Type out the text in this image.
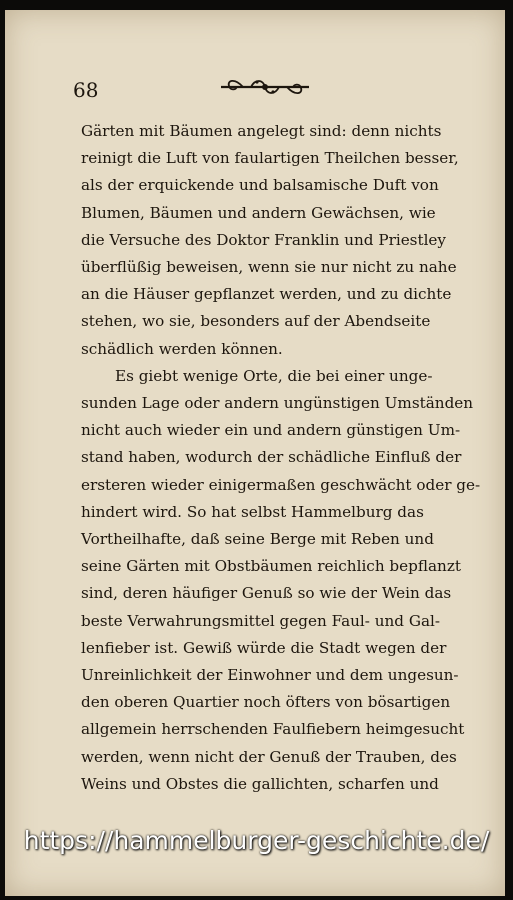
68
Gärten mit Bäumen angelegt sind: denn nichts
reinigt die Luft von faulartigen Theilchen besser,
als der erquickende und balsamische Duft von
Blumen, Bäumen und andern Gewächsen, wie
die Versuche des Doktor Franklin und Priestley
überflüßig beweisen, wenn sie nur nicht zu nahe
an die Häuser gepflanzet werden, und zu dichte
stehen, wo sie, besonders auf der Abendseite
schädlich werden können.
Es giebt wenige Orte, die bei einer unge-
sunden Lage oder andern ungünstigen Umständen
nicht auch wieder ein und andern günstigen Um-
stand haben, wodurch der schädliche Einfluß der
ersteren wieder einigermaßen geschwächt oder ge-
hindert wird. So hat selbst Hammelburg das
Vortheilhafte, daß seine Berge mit Reben und
seine Gärten mit Obstbäumen reichlich bepflanzt
sind, deren häufiger Genuß so wie der Wein das
beste Verwahrungsmittel gegen Faul- und Gal-
lenfieber ist. Gewiß würde die Stadt wegen der
Unreinlichkeit der Einwohner und dem ungesun-
den oberen Quartier noch öfters von bösartigen
allgemein herrschenden Faulfiebern heimgesucht
werden, wenn nicht der Genuß der Trauben, des
Weins und Obstes die gallichten, scharfen und
https://hammelburger-geschichte.de/
